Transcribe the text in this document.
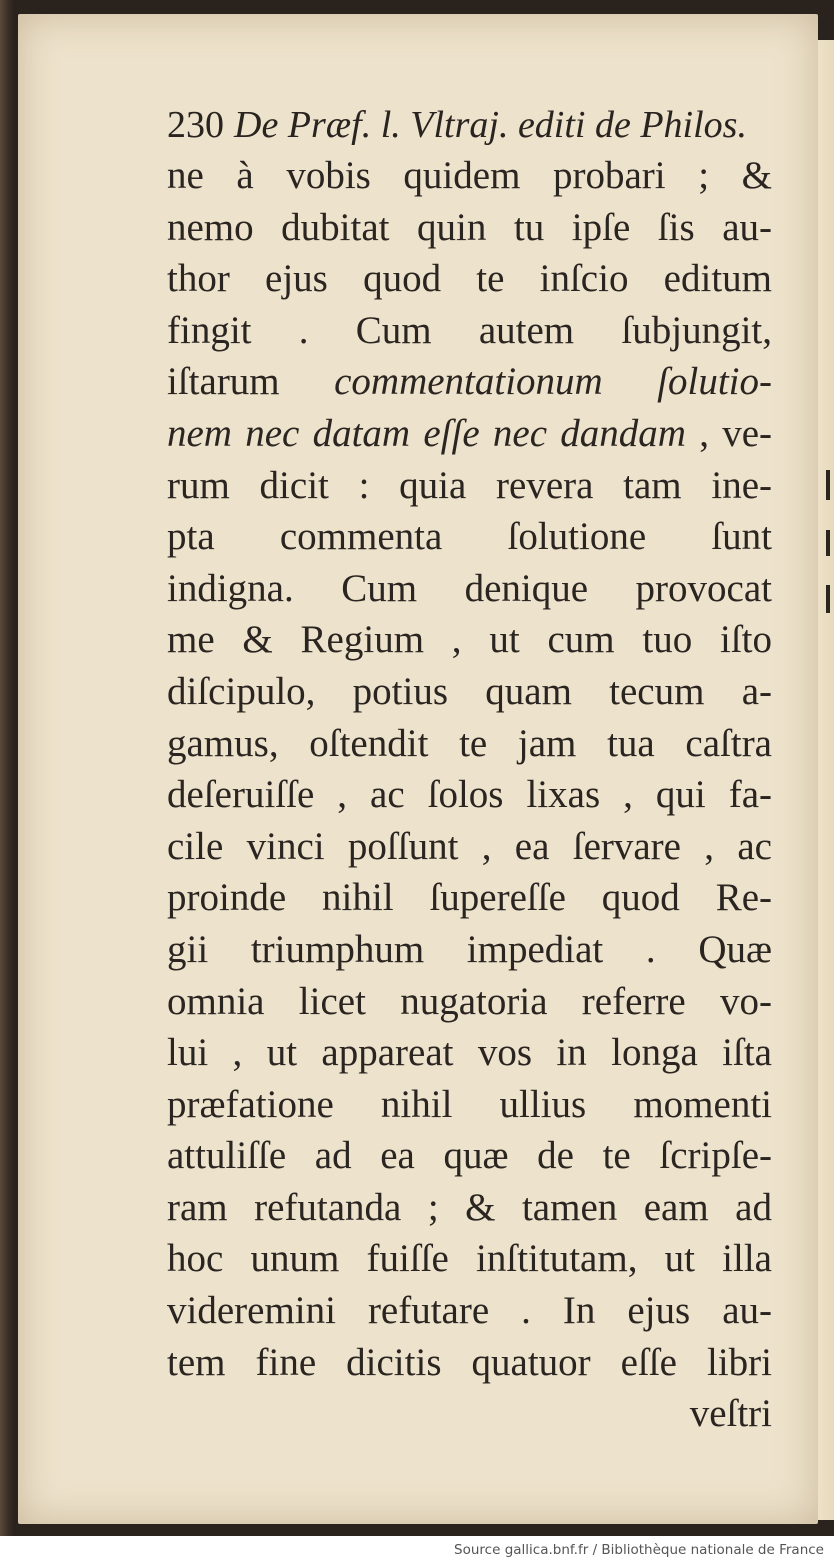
230 De Præf. l. Vltraj. editi de Philos.
ne à vobis quidem probari ; &
nemo dubitat quin tu ipſe ſis au-
thor ejus quod te inſcio editum
fingit . Cum autem ſubjungit,
iſtarum commentationum ſolutio-
nem nec datam eſſe nec dandam , ve-
rum dicit : quia revera tam ine-
pta commenta ſolutione ſunt
indigna. Cum denique provocat
me & Regium , ut cum tuo iſto
diſcipulo, potius quam tecum a-
gamus, oſtendit te jam tua caſtra
deſeruiſſe , ac ſolos lixas , qui fa-
cile vinci poſſunt , ea ſervare , ac
proinde nihil ſupereſſe quod Re-
gii triumphum impediat . Quæ
omnia licet nugatoria referre vo-
lui , ut appareat vos in longa iſta
præfatione nihil ullius momenti
attuliſſe ad ea quæ de te ſcripſe-
ram refutanda ; & tamen eam ad
hoc unum fuiſſe inſtitutam, ut illa
videremini refutare . In ejus au-
tem fine dicitis quatuor eſſe libri
veſtri
Source gallica.bnf.fr / Bibliothèque nationale de France
